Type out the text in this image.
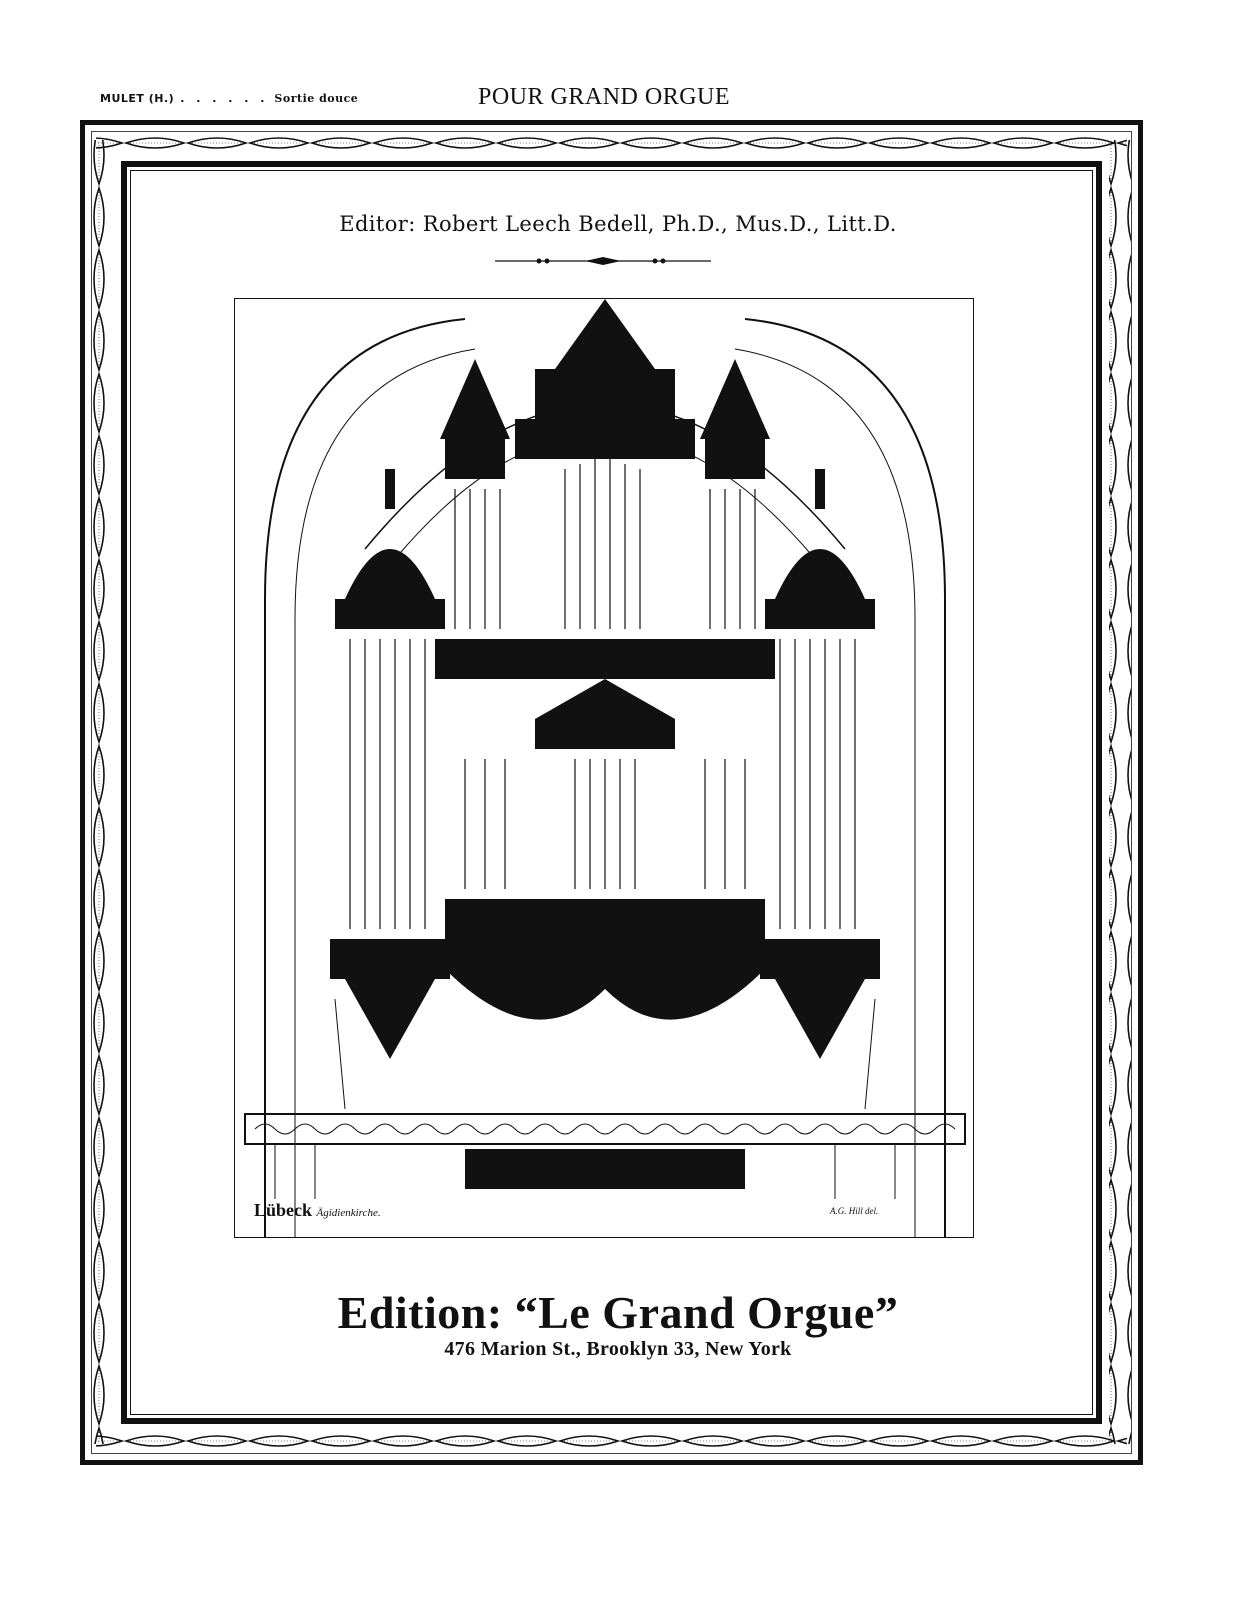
MULET (H.) . . . . . . Sortie douce	POUR GRAND ORGUE
Editor: Robert Leech Bedell, Ph.D., Mus.D., Litt.D.
Lübeck Ägidienkirche.	A.G. Hill del.
Edition: “Le Grand Orgue”
476 Marion St., Brooklyn 33, New York
